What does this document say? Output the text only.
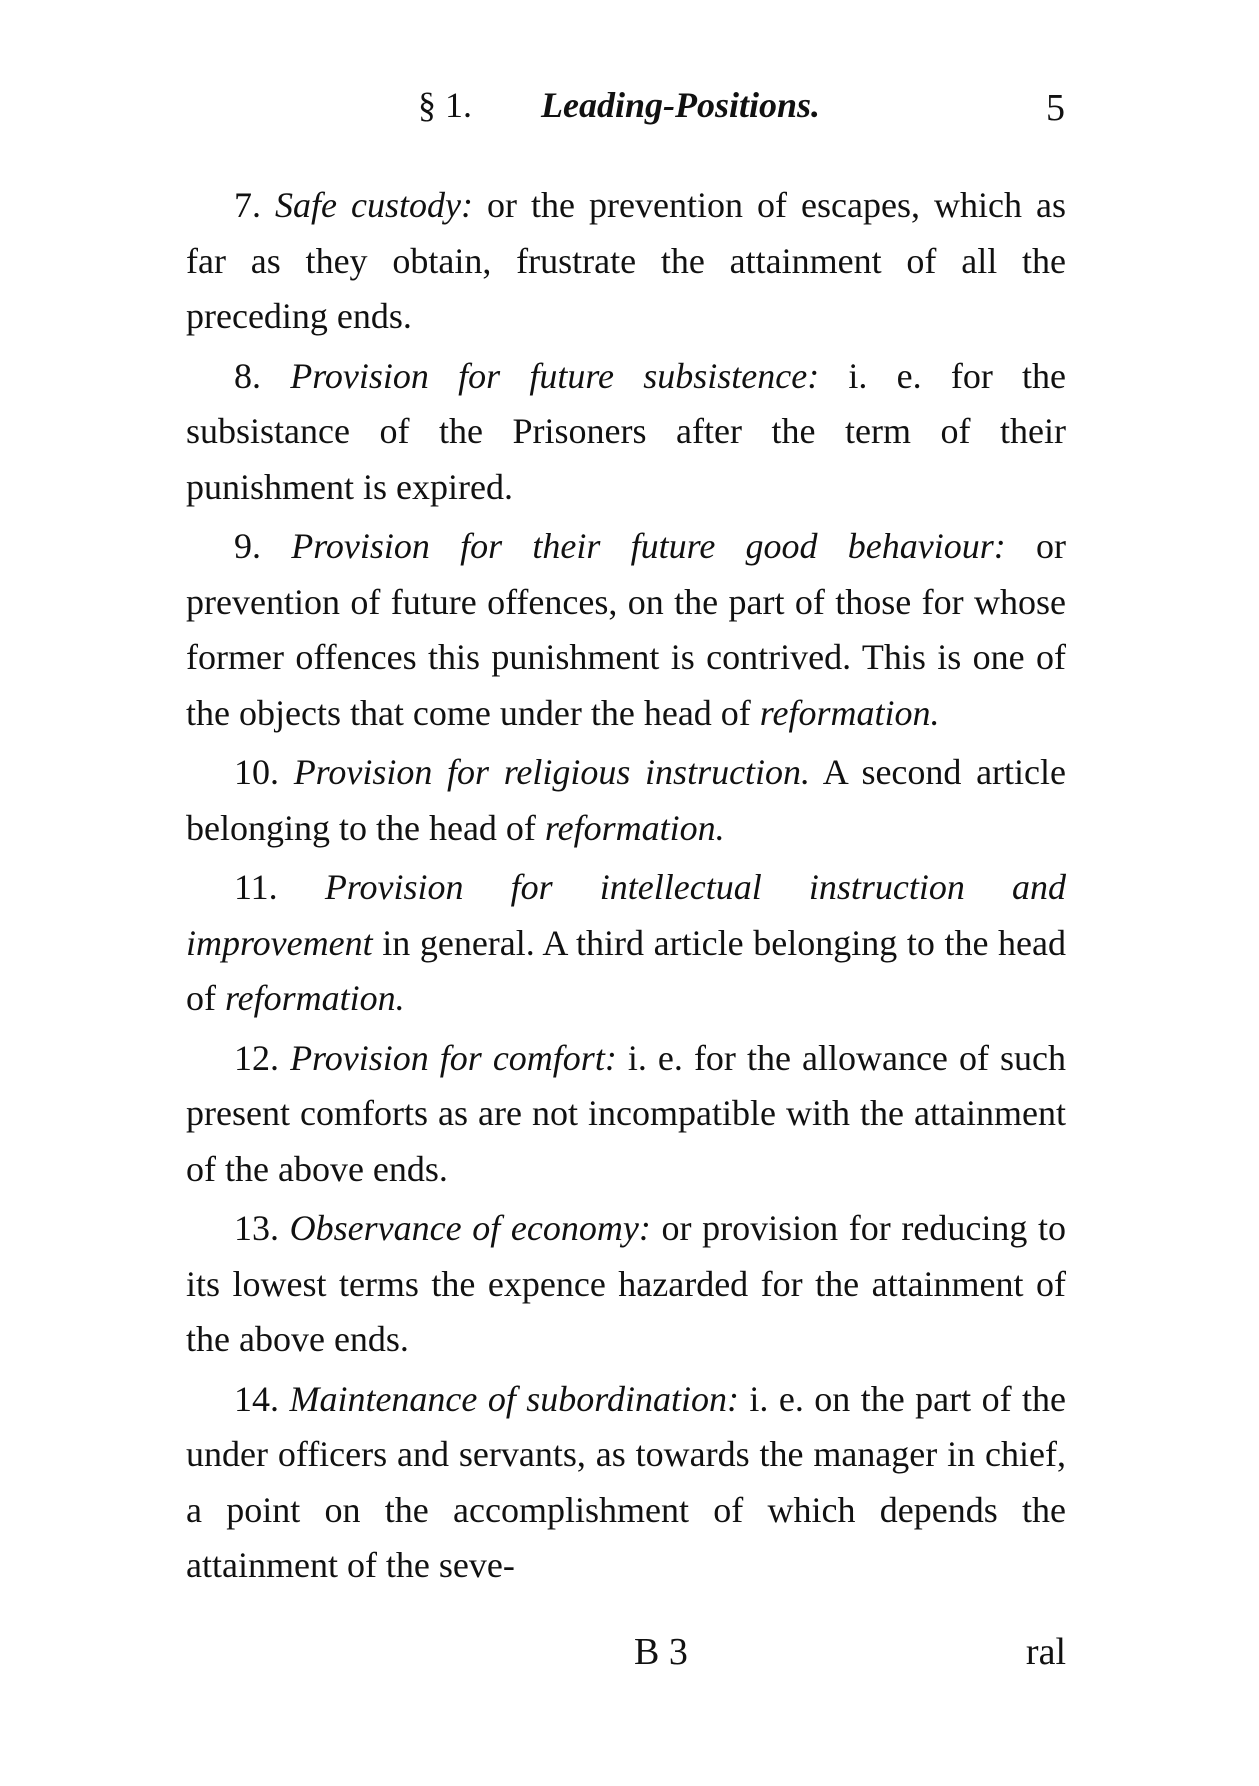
§ 1. Leading-Positions.	5

7. Safe custody: or the prevention of escapes, which as far as they obtain, frustrate the attainment of all the preceding ends.

8. Provision for future subsistence: i. e. for the subsistance of the Prisoners after the term of their punishment is expired.

9. Provision for their future good behaviour: or prevention of future offences, on the part of those for whose former offences this punishment is contrived. This is one of the objects that come under the head of reformation.

10. Provision for religious instruction. A second article belonging to the head of reformation.

11. Provision for intellectual instruction and improvement in general. A third article belonging to the head of reformation.

12. Provision for comfort: i. e. for the allowance of such present comforts as are not incompatible with the attainment of the above ends.

13. Observance of economy: or provision for reducing to its lowest terms the expence hazarded for the attainment of the above ends.

14. Maintenance of subordination: i. e. on the part of the under officers and servants, as towards the manager in chief, a point on the accomplishment of which depends the attainment of the seve-

B 3	ral
